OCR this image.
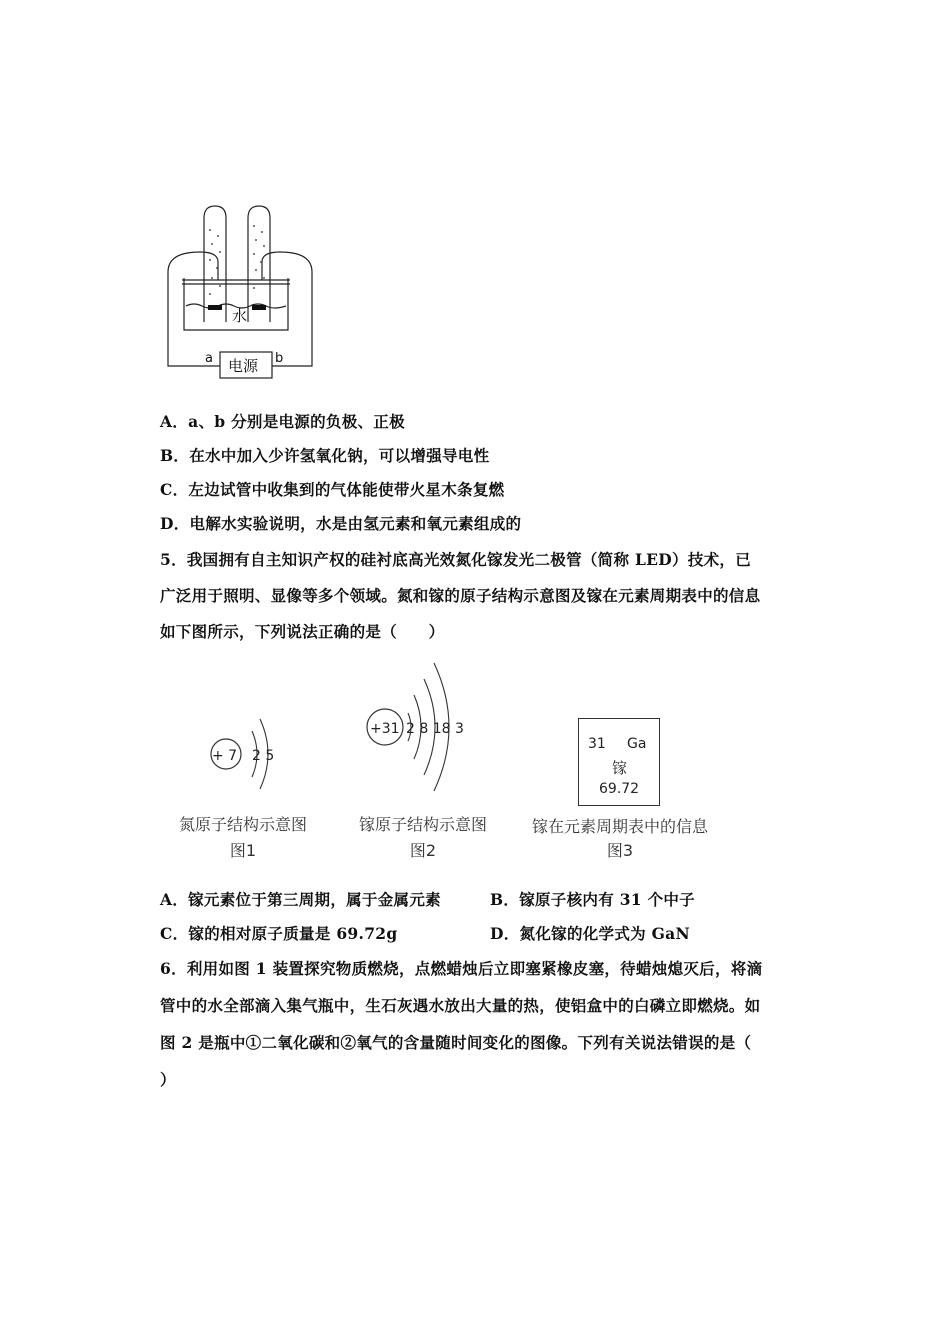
水
a	b
电源
A．a、b 分别是电源的负极、正极
B．在水中加入少许氢氧化钠，可以增强导电性
C．左边试管中收集到的气体能使带火星木条复燃
D．电解水实验说明，水是由氢元素和氧元素组成的
5．我国拥有自主知识产权的硅衬底高光效氮化镓发光二极管（简称 LED）技术，已
广泛用于照明、显像等多个领域。氮和镓的原子结构示意图及镓在元素周期表中的信息
如下图所示，下列说法正确的是（　　）
+ 7 2 5
氮原子结构示意图
图1
+31 2 8 18 3
镓原子结构示意图
图2
31 Ga
镓
69.72
镓在元素周期表中的信息
图3
A．镓元素位于第三周期，属于金属元素	B．镓原子核内有 31 个中子
C．镓的相对原子质量是 69.72g	D．氮化镓的化学式为 GaN
6．利用如图 1 装置探究物质燃烧，点燃蜡烛后立即塞紧橡皮塞，待蜡烛熄灭后，将滴
管中的水全部滴入集气瓶中，生石灰遇水放出大量的热，使铝盒中的白磷立即燃烧。如
图 2 是瓶中①二氧化碳和②氧气的含量随时间变化的图像。下列有关说法错误的是（
）
